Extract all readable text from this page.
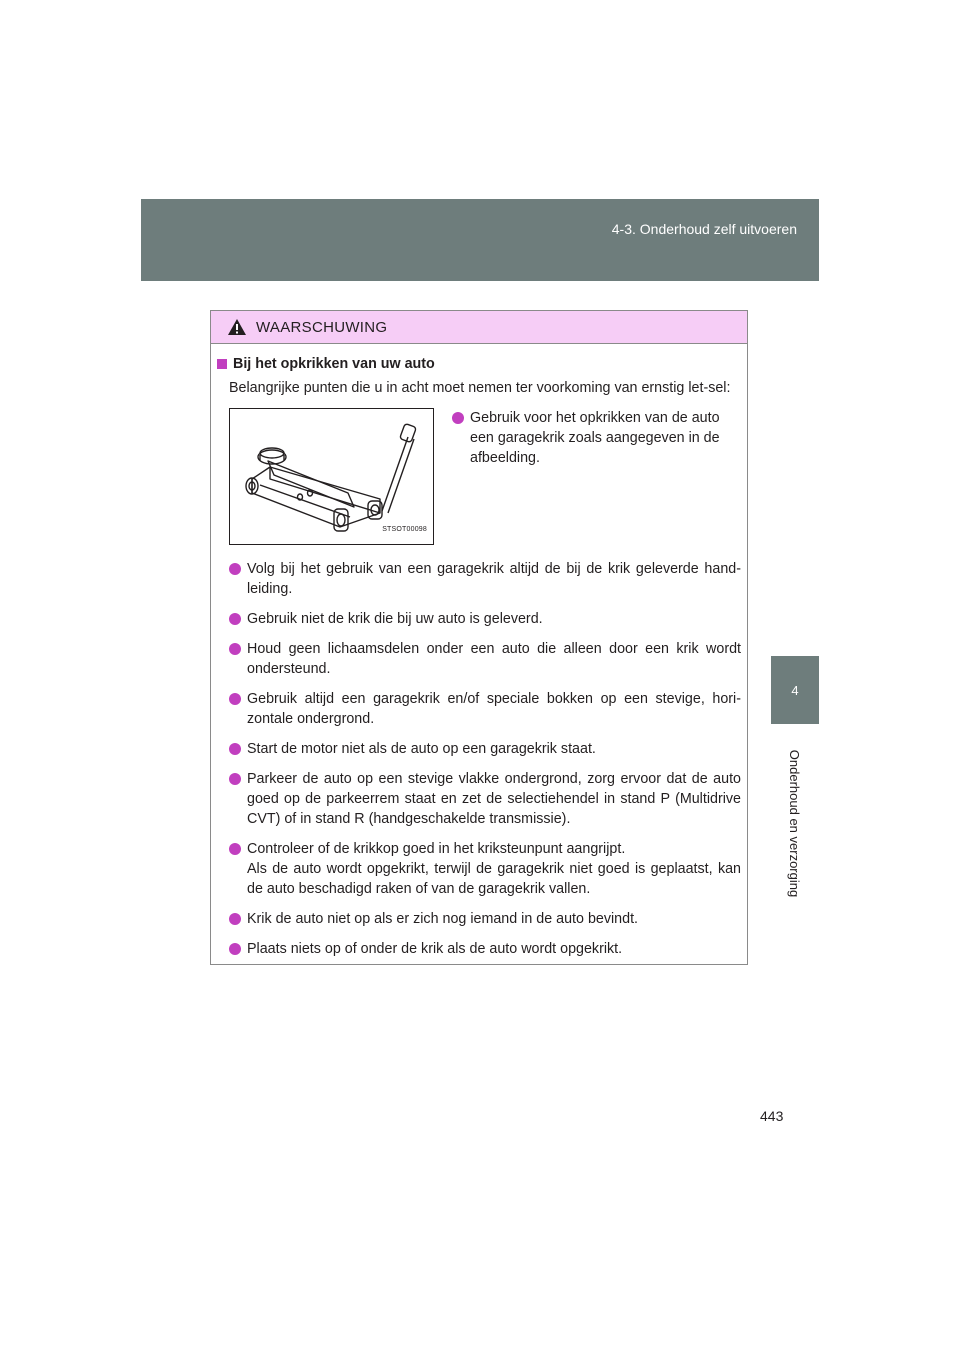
4-3. Onderhoud zelf uitvoeren
4
Onderhoud en verzorging
WAARSCHUWING
Bij het opkrikken van uw auto
Belangrijke punten die u in acht moet nemen ter voorkoming van ernstig let-sel:
STSOT00098
Gebruik voor het opkrikken van de auto een garagekrik zoals aangegeven in de afbeelding.
Volg bij het gebruik van een garagekrik altijd de bij de krik geleverde hand-leiding.
Gebruik niet de krik die bij uw auto is geleverd.
Houd geen lichaamsdelen onder een auto die alleen door een krik wordt ondersteund.
Gebruik altijd een garagekrik en/of speciale bokken op een stevige, hori-zontale ondergrond.
Start de motor niet als de auto op een garagekrik staat.
Parkeer de auto op een stevige vlakke ondergrond, zorg ervoor dat de auto goed op de parkeerrem staat en zet de selectiehendel in stand P (Multidrive CVT) of in stand R (handgeschakelde transmissie).
Controleer of de krikkop goed in het kriksteunpunt aangrijpt.
Als de auto wordt opgekrikt, terwijl de garagekrik niet goed is geplaatst, kan de auto beschadigd raken of van de garagekrik vallen.
Krik de auto niet op als er zich nog iemand in de auto bevindt.
Plaats niets op of onder de krik als de auto wordt opgekrikt.
443
